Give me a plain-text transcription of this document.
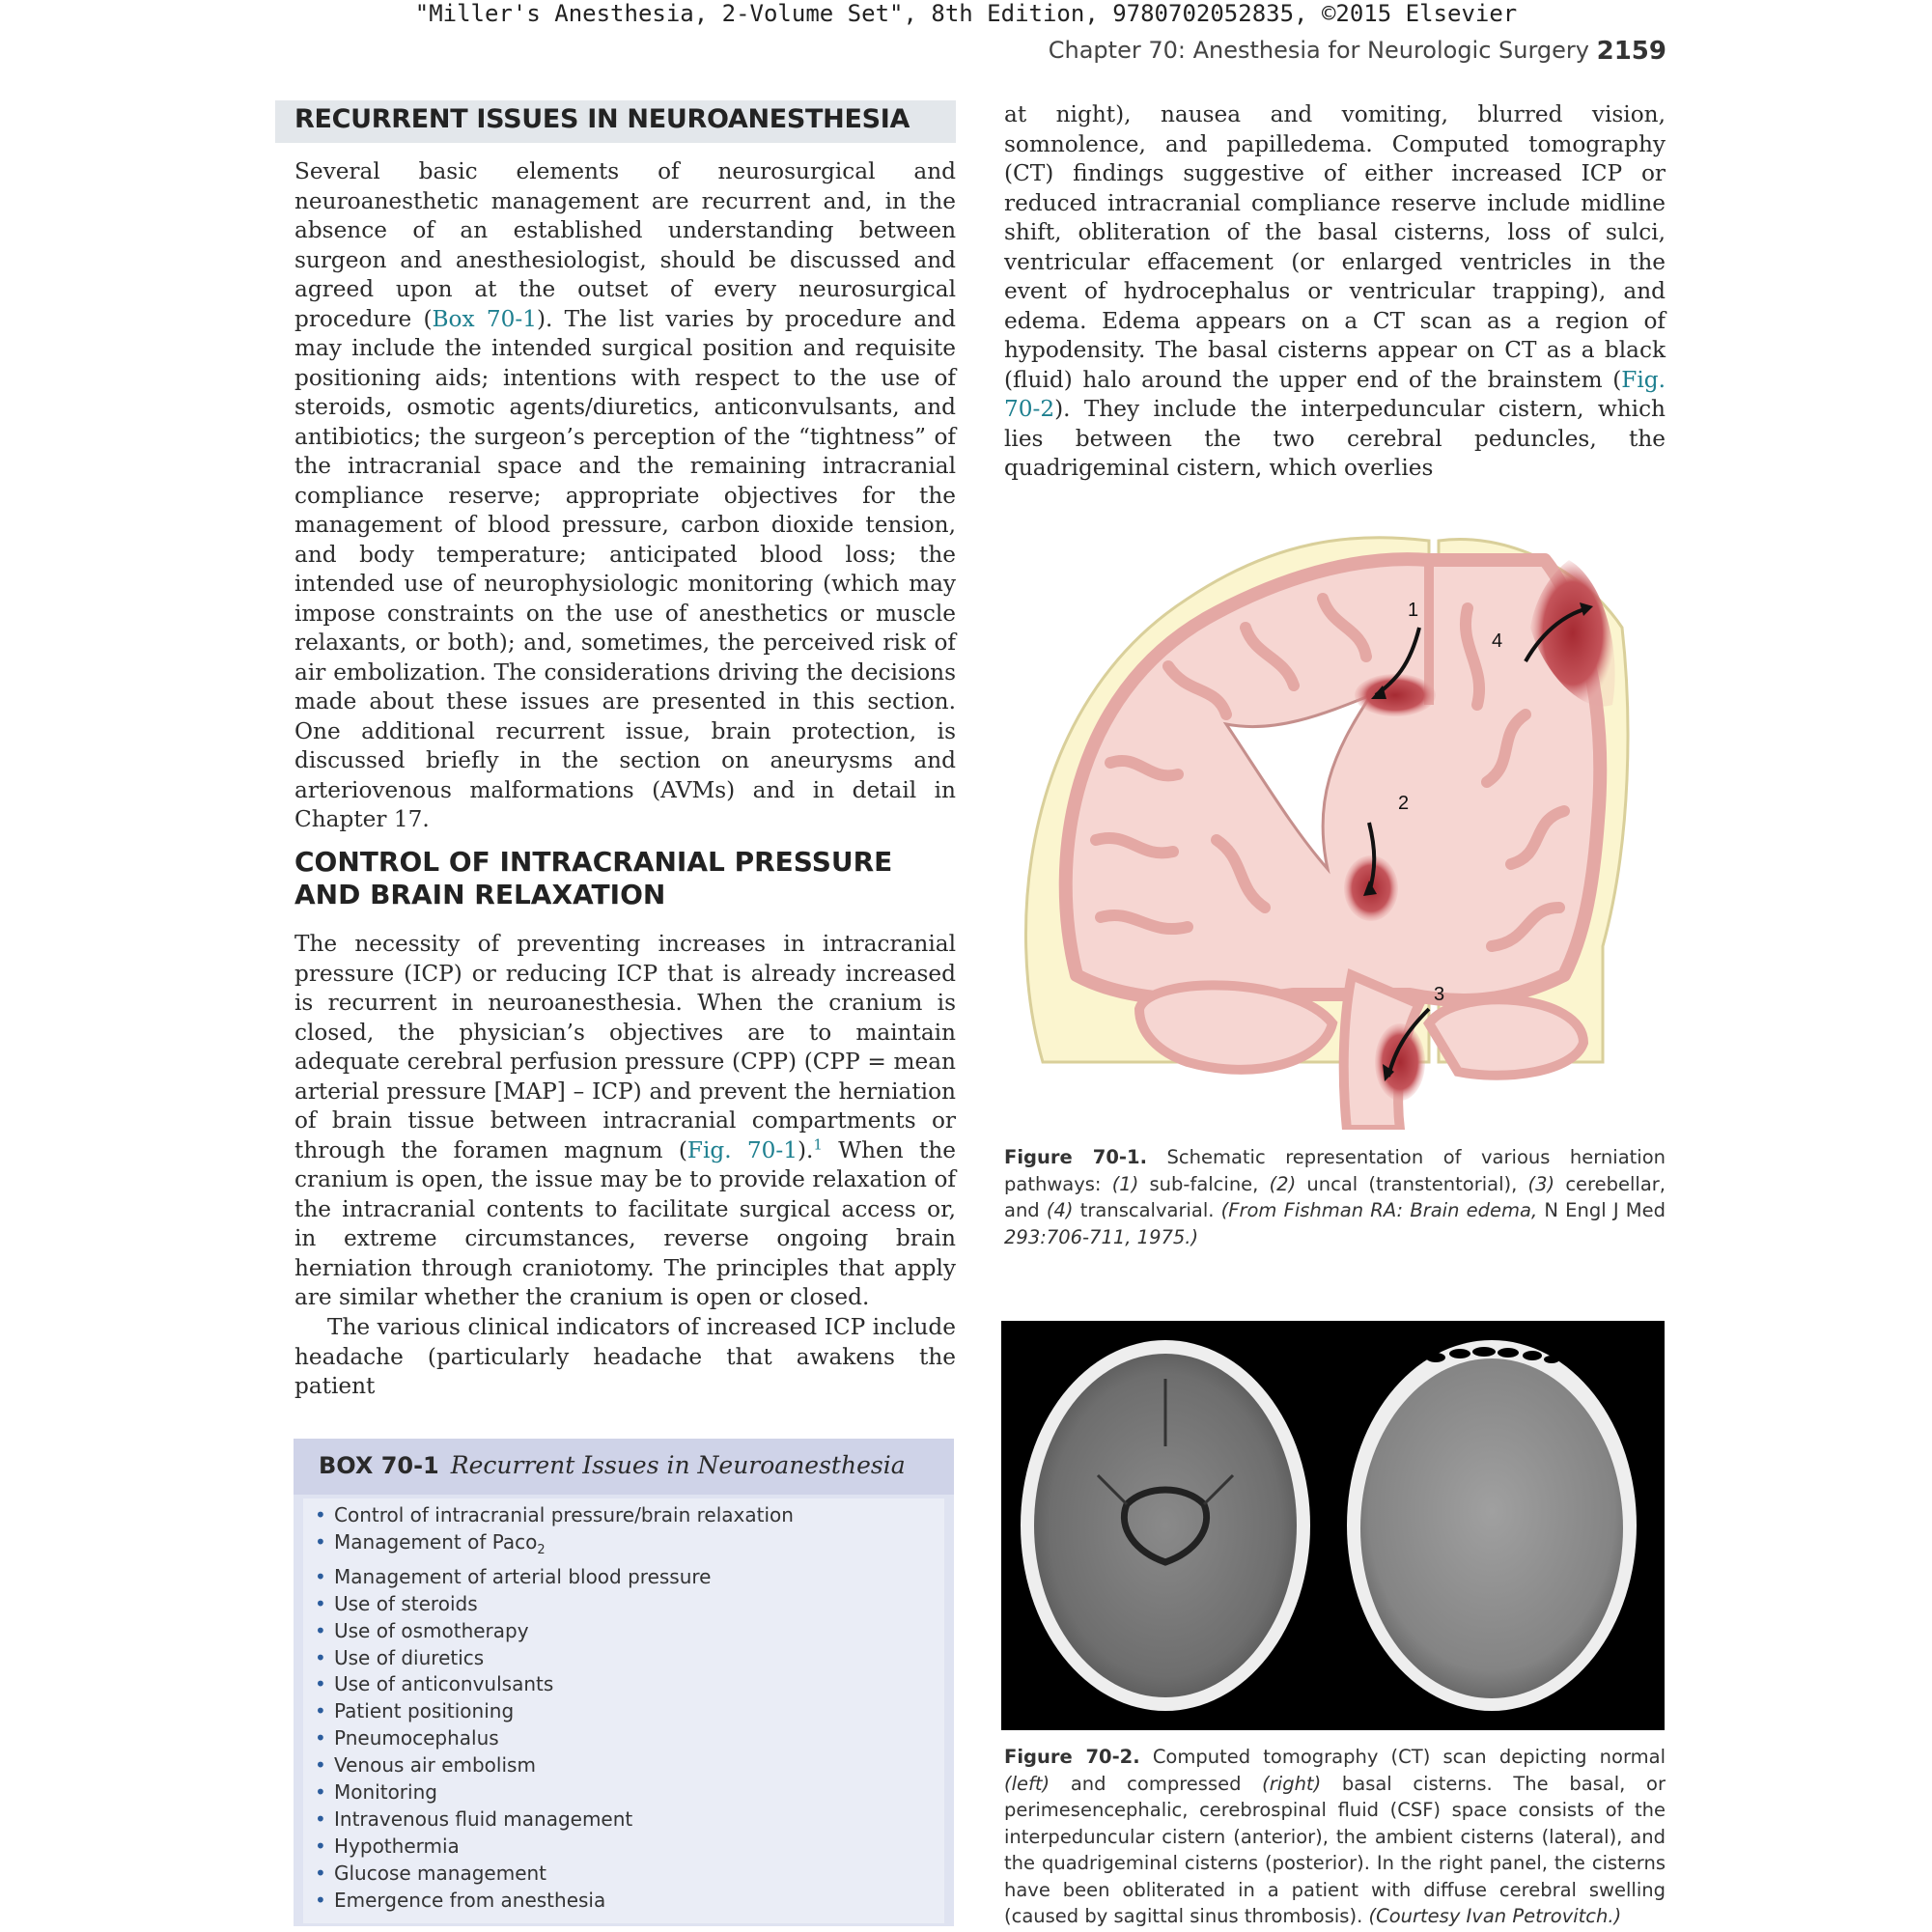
"Miller's Anesthesia, 2-Volume Set", 8th Edition, 9780702052835, ©2015 Elsevier
Chapter 70: Anesthesia for Neurologic Surgery 2159
RECURRENT ISSUES IN NEUROANESTHESIA

Several basic elements of neurosurgical and neuroanesthetic management are recurrent and, in the absence of an established understanding between surgeon and anesthesiologist, should be discussed and agreed upon at the outset of every neurosurgical procedure (Box 70-1). The list varies by procedure and may include the intended surgical position and requisite positioning aids; intentions with respect to the use of steroids, osmotic agents/diuretics, anticonvulsants, and antibiotics; the surgeon’s perception of the “tightness” of the intracranial space and the remaining intracranial compliance reserve; appropriate objectives for the management of blood pressure, carbon dioxide tension, and body temperature; anticipated blood loss; the intended use of neurophysiologic monitoring (which may impose constraints on the use of anesthetics or muscle relaxants, or both); and, sometimes, the perceived risk of air embolization. The considerations driving the decisions made about these issues are presented in this section. One additional recurrent issue, brain protection, is discussed briefly in the section on aneurysms and arteriovenous malformations (AVMs) and in detail in Chapter 17.

CONTROL OF INTRACRANIAL PRESSURE
AND BRAIN RELAXATION

The necessity of preventing increases in intracranial pressure (ICP) or reducing ICP that is already increased is recurrent in neuroanesthesia. When the cranium is closed, the physician’s objectives are to maintain adequate cerebral perfusion pressure (CPP) (CPP = mean arterial pressure [MAP] – ICP) and prevent the herniation of brain tissue between intracranial compartments or through the foramen magnum (Fig. 70-1).$^1$ When the cranium is open, the issue may be to provide relaxation of the intracranial contents to facilitate surgical access or, in extreme circumstances, reverse ongoing brain herniation through craniotomy. The principles that apply are similar whether the cranium is open or closed.

The various clinical indicators of increased ICP include headache (particularly headache that awakens the patient

at night), nausea and vomiting, blurred vision, somnolence, and papilledema. Computed tomography (CT) findings suggestive of either increased ICP or reduced intracranial compliance reserve include midline shift, obliteration of the basal cisterns, loss of sulci, ventricular effacement (or enlarged ventricles in the event of hydrocephalus or ventricular trapping), and edema. Edema appears on a CT scan as a region of hypodensity. The basal cisterns appear on CT as a black (fluid) halo around the upper end of the brainstem (Fig. 70-2). They include the interpeduncular cistern, which lies between the two cerebral peduncles, the quadrigeminal cistern, which overlies

1
2
3
4

Figure 70-1. Schematic representation of various herniation pathways: (1) sub-falcine, (2) uncal (transtentorial), (3) cerebellar, and (4) transcalvarial. (From Fishman RA: Brain edema, N Engl J Med 293:706-711, 1975.)

Figure 70-2. Computed tomography (CT) scan depicting normal (left) and compressed (right) basal cisterns. The basal, or perimesencephalic, cerebrospinal fluid (CSF) space consists of the interpeduncular cistern (anterior), the ambient cisterns (lateral), and the quadrigeminal cisterns (posterior). In the right panel, the cisterns have been obliterated in a patient with diffuse cerebral swelling (caused by sagittal sinus thrombosis). (Courtesy Ivan Petrovitch.)

BOX 70-1 Recurrent Issues in Neuroanesthesia
• Control of intracranial pressure/brain relaxation
• Management of Paco$_2$
• Management of arterial blood pressure
• Use of steroids
• Use of osmotherapy
• Use of diuretics
• Use of anticonvulsants
• Patient positioning
• Pneumocephalus
• Venous air embolism
• Monitoring
• Intravenous fluid management
• Hypothermia
• Glucose management
• Emergence from anesthesia
